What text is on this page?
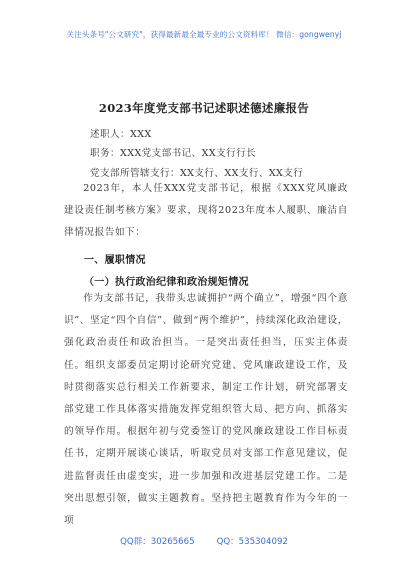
关注头条号"公文研究"，获得最新最全最专业的公文资料库！ 微信：gongwenyj
2023年度党支部书记述职述德述廉报告
述职人：XXX
职务：XXX党支部书记、XX支行行长
党支部所管辖支行：XX支行、XX支行、XX支行
2023年，本人任XXX党支部书记，根据《XXX党风廉政建设责任制考核方案》要求，现将2023年度本人履职、廉洁自律情况报告如下：
一、履职情况
（一）执行政治纪律和政治规矩情况
作为支部书记，我带头忠诚拥护“两个确立”，增强“四个意识”、坚定“四个自信”、做到“两个维护”，持续深化政治建设，强化政治责任和政治担当。一是突出责任担当，压实主体责任。组织支部委员定期讨论研究党建、党风廉政建设工作，及时贯彻落实总行相关工作新要求，制定工作计划，研究部署支部党建工作具体落实措施发挥党组织管大局、把方向、抓落实的领导作用。根据年初与党委签订的党风廉政建设工作目标责任书，定期开展谈心谈话，听取党员对支部工作意见建议，促进监督责任由虚变实，进一步加强和改进基层党建工作。二是突出思想引领，做实主题教育。坚持把主题教育作为今年的一项
QQ群：30265665	QQ：535304092
